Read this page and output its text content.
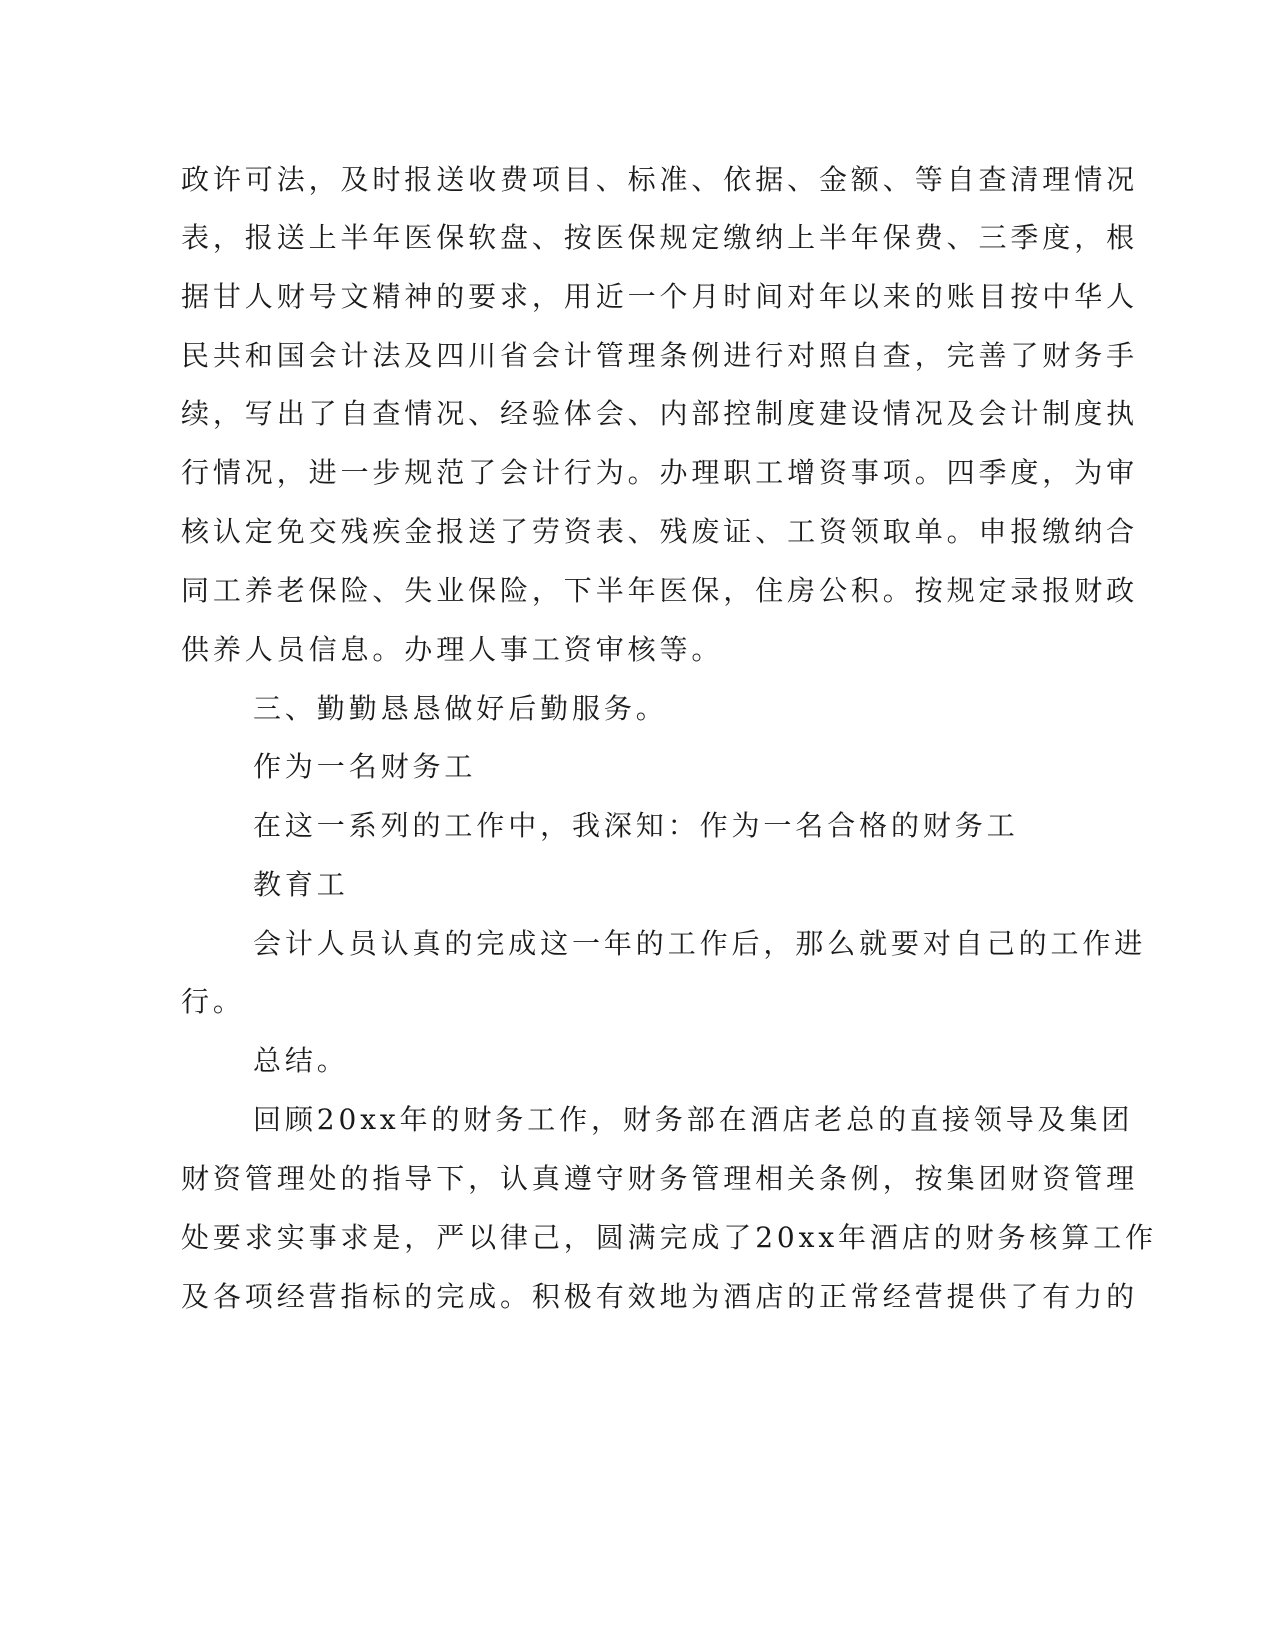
政许可法，及时报送收费项目、标准、依据、金额、等自查清理情况
表，报送上半年医保软盘、按医保规定缴纳上半年保费、三季度，根
据甘人财号文精神的要求，用近一个月时间对年以来的账目按中华人
民共和国会计法及四川省会计管理条例进行对照自查，完善了财务手
续，写出了自查情况、经验体会、内部控制度建设情况及会计制度执
行情况，进一步规范了会计行为。办理职工增资事项。四季度，为审
核认定免交残疾金报送了劳资表、残废证、工资领取单。申报缴纳合
同工养老保险、失业保险，下半年医保，住房公积。按规定录报财政
供养人员信息。办理人事工资审核等。
三、勤勤恳恳做好后勤服务。
作为一名财务工
在这一系列的工作中，我深知：作为一名合格的财务工
教育工
会计人员认真的完成这一年的工作后，那么就要对自己的工作进
行。
总结。
回顾20xx年的财务工作，财务部在酒店老总的直接领导及集团
财资管理处的指导下，认真遵守财务管理相关条例，按集团财资管理
处要求实事求是，严以律己，圆满完成了20xx年酒店的财务核算工作
及各项经营指标的完成。积极有效地为酒店的正常经营提供了有力的
